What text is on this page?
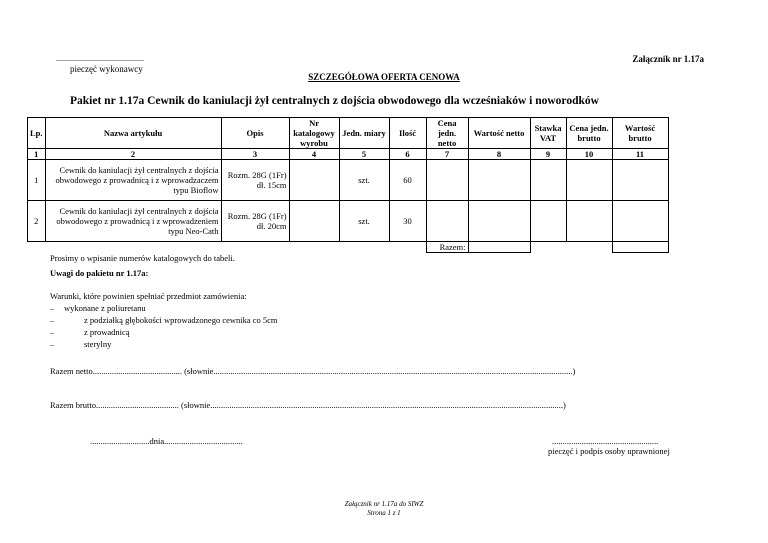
............................................
pieczęć wykonawcy
Załącznik nr 1.17a
SZCZEGÓŁOWA OFERTA CENOWA
Pakiet nr 1.17a Cewnik do kaniulacji żył centralnych z dojścia obwodowego dla wcześniaków i noworodków
Lp.	Nazwa artykułu	Opis	Nr katalogowy wyrobu	Jedn. miary	Ilość	Cena jedn. netto	Wartość netto	Stawka VAT	Cena jedn. brutto	Wartość brutto
1	2	3	4	5	6	7	8	9	10	11
1	Cewnik do kaniulacji żył centralnych z dojścia obwodowego z prowadnicą i z wprowadzaczem typu Bioflow	Rozm. 28G (1Fr) dł. 15cm		szt.	60					
2	Cewnik do kaniulacji żył centralnych z dojścia obwodowego z prowadnicą i z wprowadzeniem typu Neo-Cath	Rozm. 28G (1Fr) dł. 20cm		szt.	30					
						Razem:				
Prosimy o wpisanie numerów katalogowych do tabeli.
Uwagi do pakietu nr 1.17a:
Warunki, które powinien spełniać przedmiot zamówienia:
– wykonane z poliuretanu
–	z podziałką głębokości wprowadzonego cewnika co 5cm
–	z prowadnicą
–	sterylny
Razem netto.......................................... (słownie.........................................................................................................................................................................)
Razem brutto....................................... (słownie......................................................................................................................................................................)
............................dnia.....................................	..................................................
pieczęć i podpis osoby uprawnionej
Załącznik nr 1.17a do SIWZ
Strona 1 z 1
